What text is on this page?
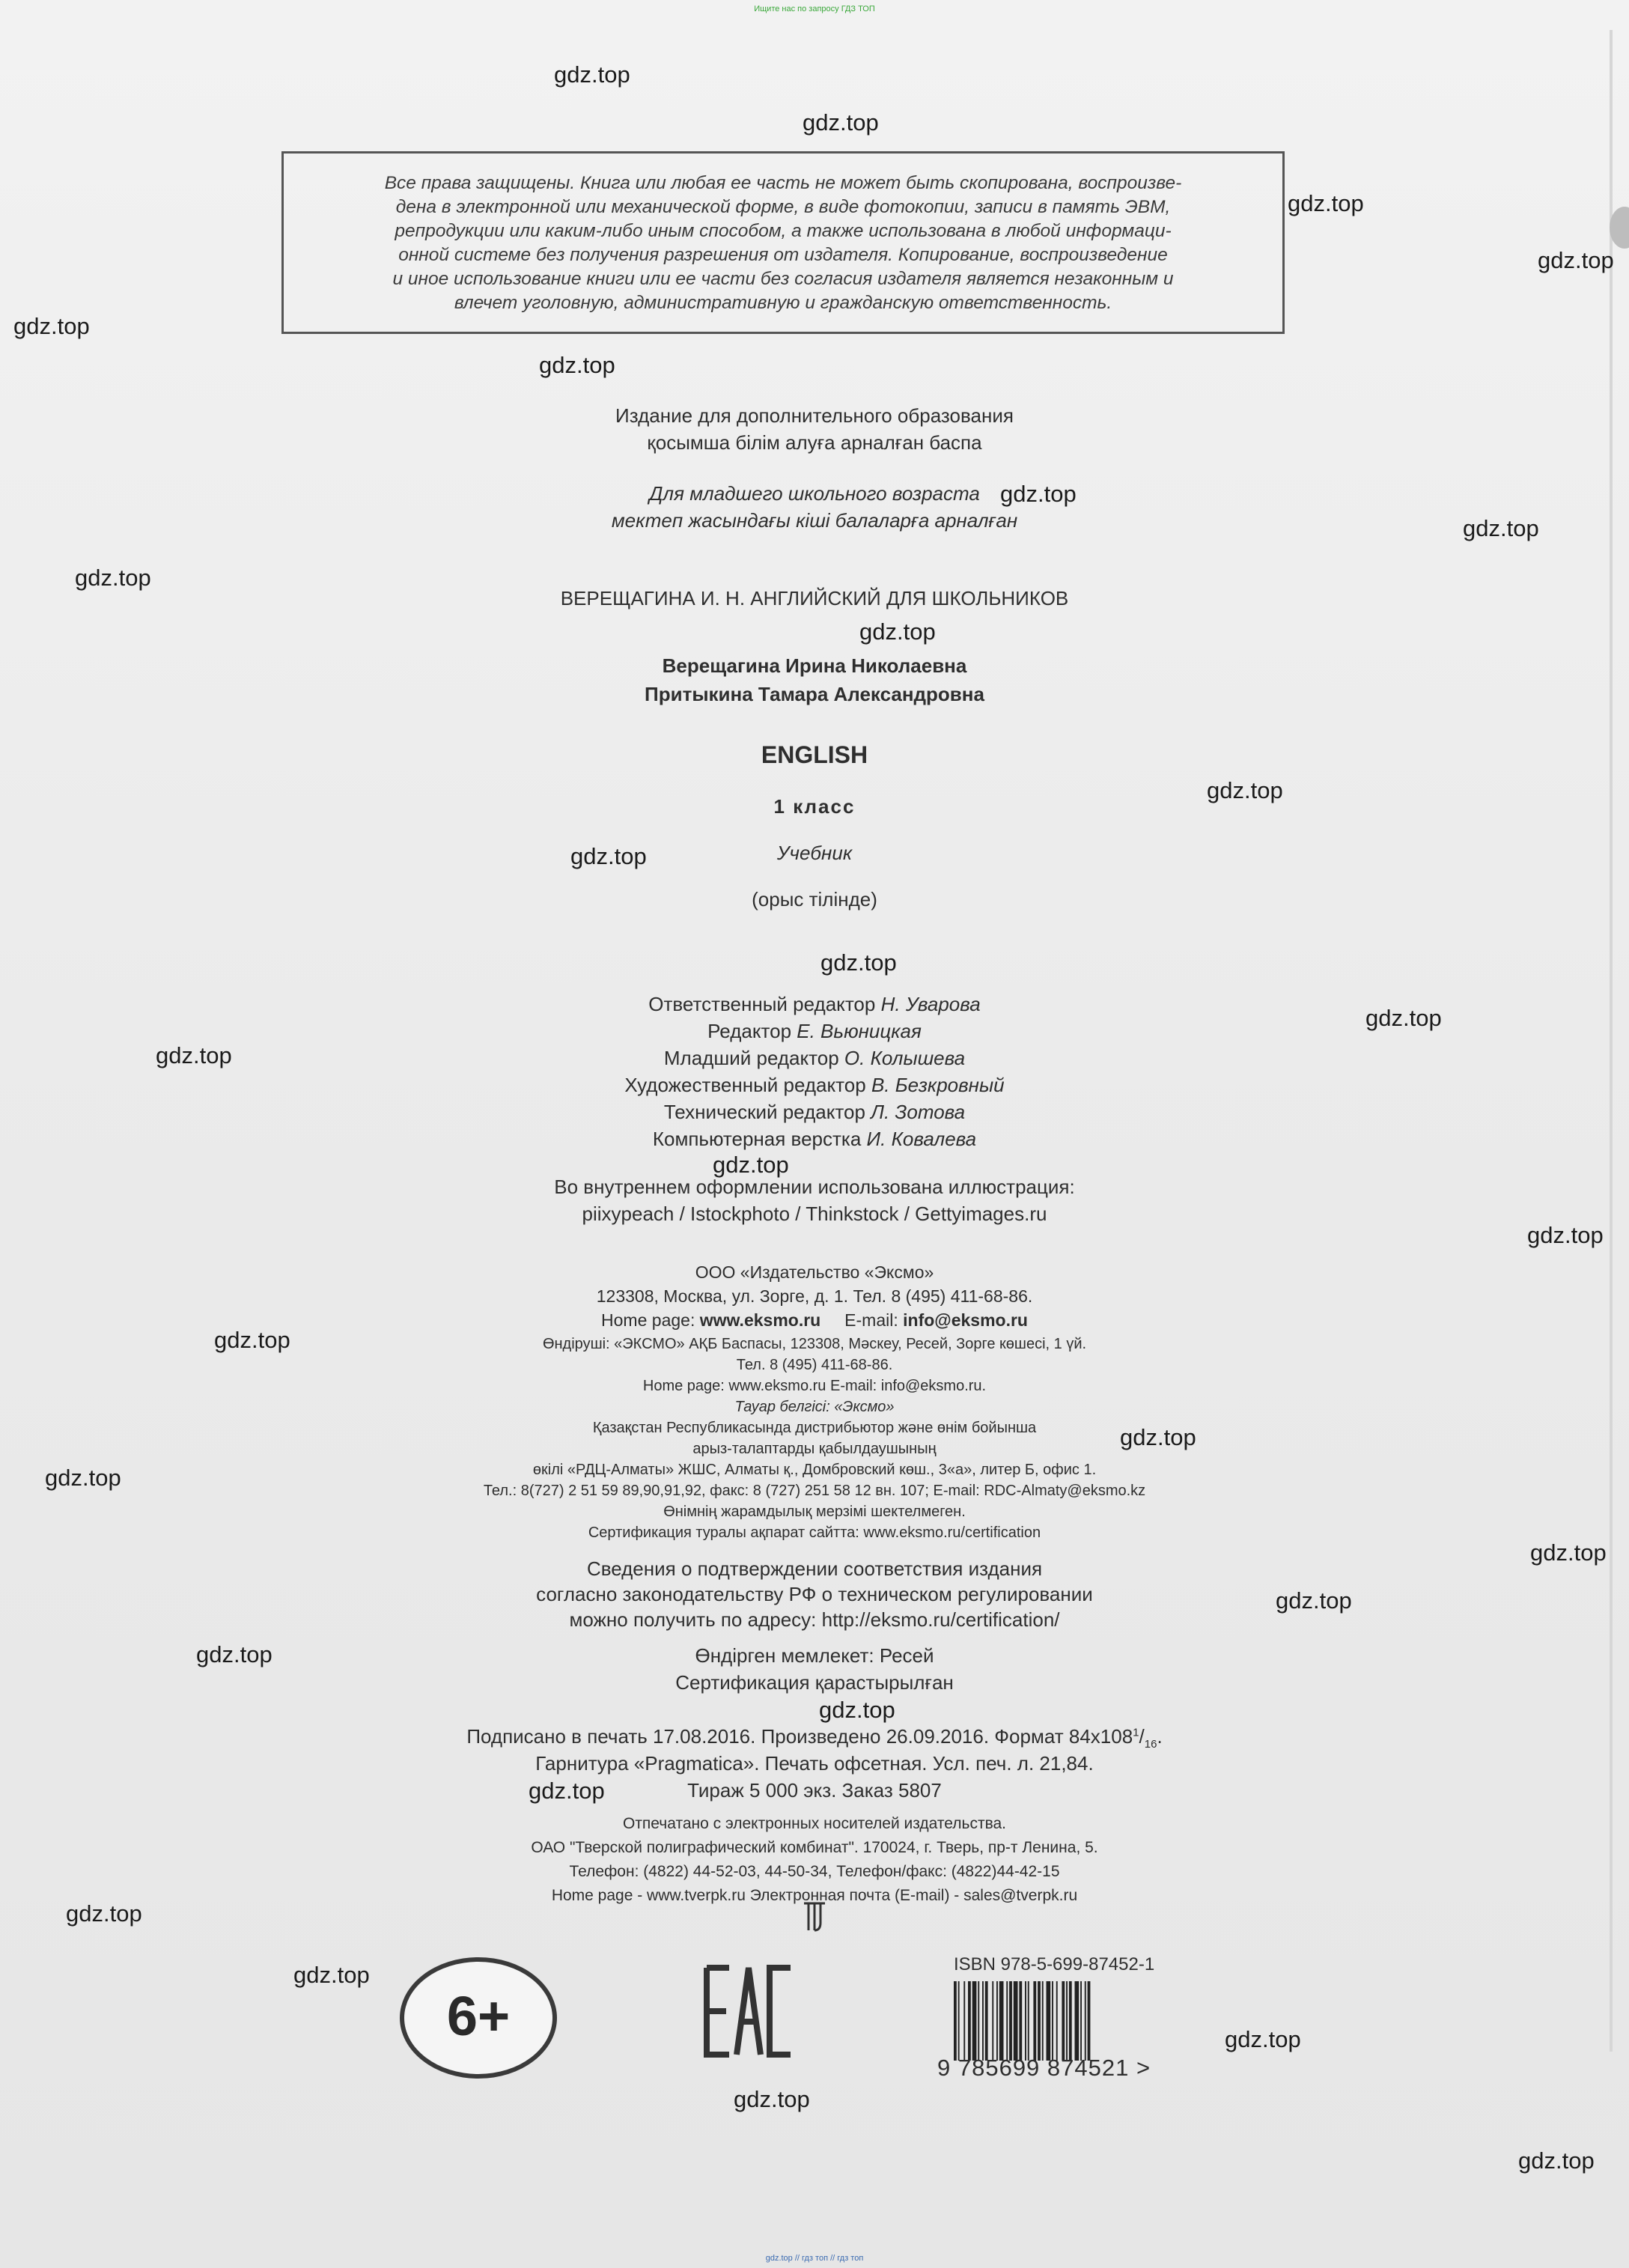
Ищите нас по запросу ГДЗ ТОП
gdz.top
gdz.top
gdz.top
gdz.top
gdz.top
gdz.top
gdz.top
gdz.top
gdz.top
gdz.top
gdz.top
gdz.top
gdz.top
gdz.top
gdz.top
gdz.top
gdz.top
gdz.top
gdz.top
gdz.top
gdz.top
gdz.top
gdz.top
gdz.top
gdz.top
gdz.top
gdz.top
gdz.top
gdz.top
gdz.top
Все права защищены. Книга или любая ее часть не может быть скопирована, воспроизве-
дена в электронной или механической форме, в виде фотокопии, записи в память ЭВМ,
репродукции или каким-либо иным способом, а также использована в любой информаци-
онной системе без получения разрешения от издателя. Копирование, воспроизведение
и иное использование книги или ее части без согласия издателя является незаконным и
влечет уголовную, административную и гражданскую ответственность.
Издание для дополнительного образования
қосымша білім алуға арналған баспа
Для младшего школьного возраста
мектеп жасындағы кіші балаларға арналған
ВЕРЕЩАГИНА И. Н. АНГЛИЙСКИЙ ДЛЯ ШКОЛЬНИКОВ
Верещагина Ирина Николаевна
Притыкина Тамара Александровна
ENGLISH
1 класс
Учебник
(орыс тілінде)
Ответственный редактор Н. Уварова
Редактор Е. Вьюницкая
Младший редактор О. Колышева
Художественный редактор В. Безкровный
Технический редактор Л. Зотова
Компьютерная верстка И. Ковалева
Во внутреннем оформлении использована иллюстрация:
piixypeach / Istockphoto / Thinkstock / Gettyimages.ru
ООО «Издательство «Эксмо»
123308, Москва, ул. Зорге, д. 1. Тел. 8 (495) 411-68-86.
Home page: www.eksmo.ru E-mail: info@eksmo.ru
Өндіруші: «ЭКСМО» АҚБ Баспасы, 123308, Мәскеу, Ресей, Зорге көшесі, 1 үй.
Тел. 8 (495) 411-68-86.
Home page: www.eksmo.ru E-mail: info@eksmo.ru.
Тауар белгісі: «Эксмо»
Қазақстан Республикасында дистрибьютор және өнім бойынша
арыз-талаптарды қабылдаушының
өкілі «РДЦ-Алматы» ЖШС, Алматы қ., Домбровский көш., 3«а», литер Б, офис 1.
Тел.: 8(727) 2 51 59 89,90,91,92, факс: 8 (727) 251 58 12 вн. 107; E-mail: RDC-Almaty@eksmo.kz
Өнімнің жарамдылық мерзімі шектелмеген.
Сертификация туралы ақпарат сайтта: www.eksmo.ru/certification
Сведения о подтверждении соответствия издания
согласно законодательству РФ о техническом регулировании
можно получить по адресу: http://eksmo.ru/certification/
Өндірген мемлекет: Ресей
Сертификация қарастырылған
Подписано в печать 17.08.2016. Произведено 26.09.2016. Формат $84х108^1/_{16}$.
Гарнитура «Pragmatica». Печать офсетная. Усл. печ. л. 21,84.
Тираж 5 000 экз. Заказ 5807
Отпечатано с электронных носителей издательства.
ОАО "Тверской полиграфический комбинат". 170024, г. Тверь, пр-т Ленина, 5.
Телефон: (4822) 44-52-03, 44-50-34, Телефон/факс: (4822)44-42-15
Home page - www.tverpk.ru Электронная почта (E-mail) - sales@tverpk.ru
6+
ISBN 978-5-699-87452-1
9 785699 874521 >
gdz.top // гдз топ // гдз топ
